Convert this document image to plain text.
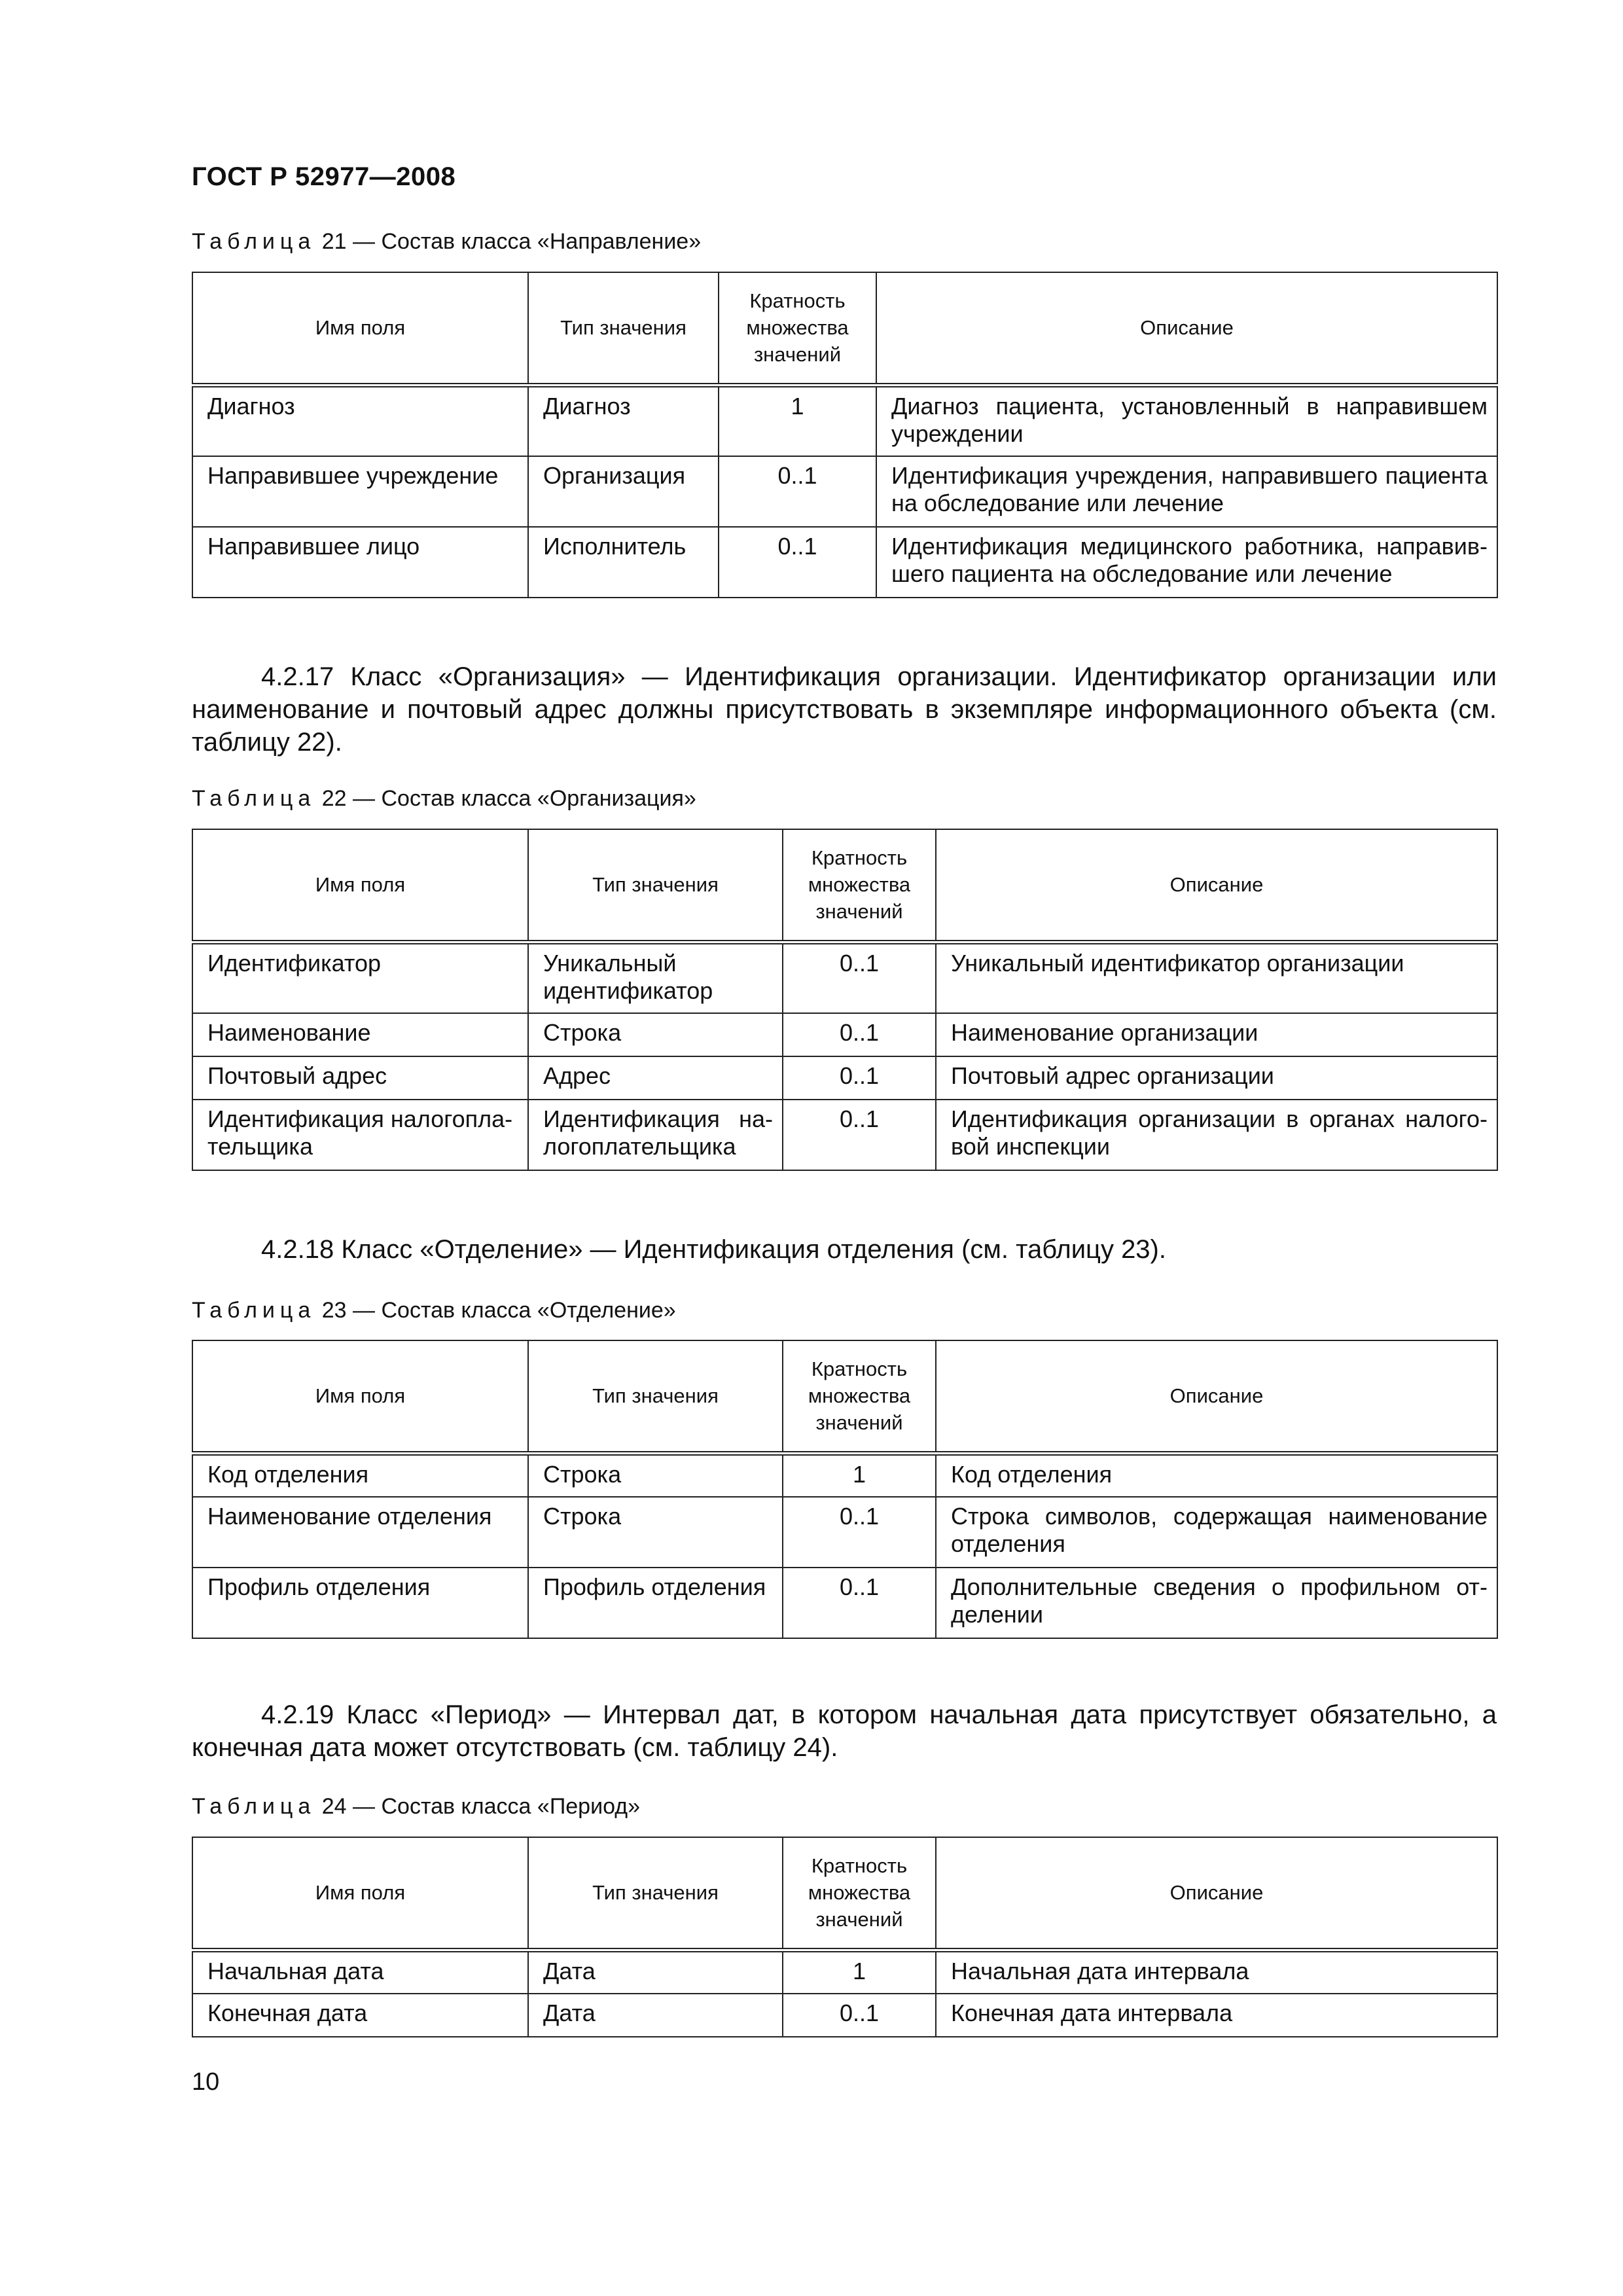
ГОСТ Р 52977—2008
Таблица 21 — Состав класса «Направление»
Имя поля	Тип значения	Кратность множества значений	Описание
Диагноз	Диагноз	1	Диагноз пациента, установленный в направившем учреждении
Направившее учреждение	Организация	0..1	Идентификация учреждения, направившего пациента на обследование или лечение
Направившее лицо	Исполнитель	0..1	Идентификация медицинского работника, направившего пациента на обследование или лечение

4.2.17 Класс «Организация» — Идентификация организации. Идентификатор организации или наименование и почтовый адрес должны присутствовать в экземпляре информационного объекта (см. таблицу 22).

Таблица 22 — Состав класса «Организация»
Имя поля	Тип значения	Кратность множества значений	Описание
Идентификатор	Уникальный идентификатор	0..1	Уникальный идентификатор организации
Наименование	Строка	0..1	Наименование организации
Почтовый адрес	Адрес	0..1	Почтовый адрес организации
Идентификация налогоплательщика	Идентификация налогоплательщика	0..1	Идентификация организации в органах налоговой инспекции

4.2.18 Класс «Отделение» — Идентификация отделения (см. таблицу 23).

Таблица 23 — Состав класса «Отделение»
Имя поля	Тип значения	Кратность множества значений	Описание
Код отделения	Строка	1	Код отделения
Наименование отделения	Строка	0..1	Строка символов, содержащая наименование отделения
Профиль отделения	Профиль отделения	0..1	Дополнительные сведения о профильном отделении

4.2.19 Класс «Период» — Интервал дат, в котором начальная дата присутствует обязательно, а конечная дата может отсутствовать (см. таблицу 24).

Таблица 24 — Состав класса «Период»
Имя поля	Тип значения	Кратность множества значений	Описание
Начальная дата	Дата	1	Начальная дата интервала
Конечная дата	Дата	0..1	Конечная дата интервала
10
